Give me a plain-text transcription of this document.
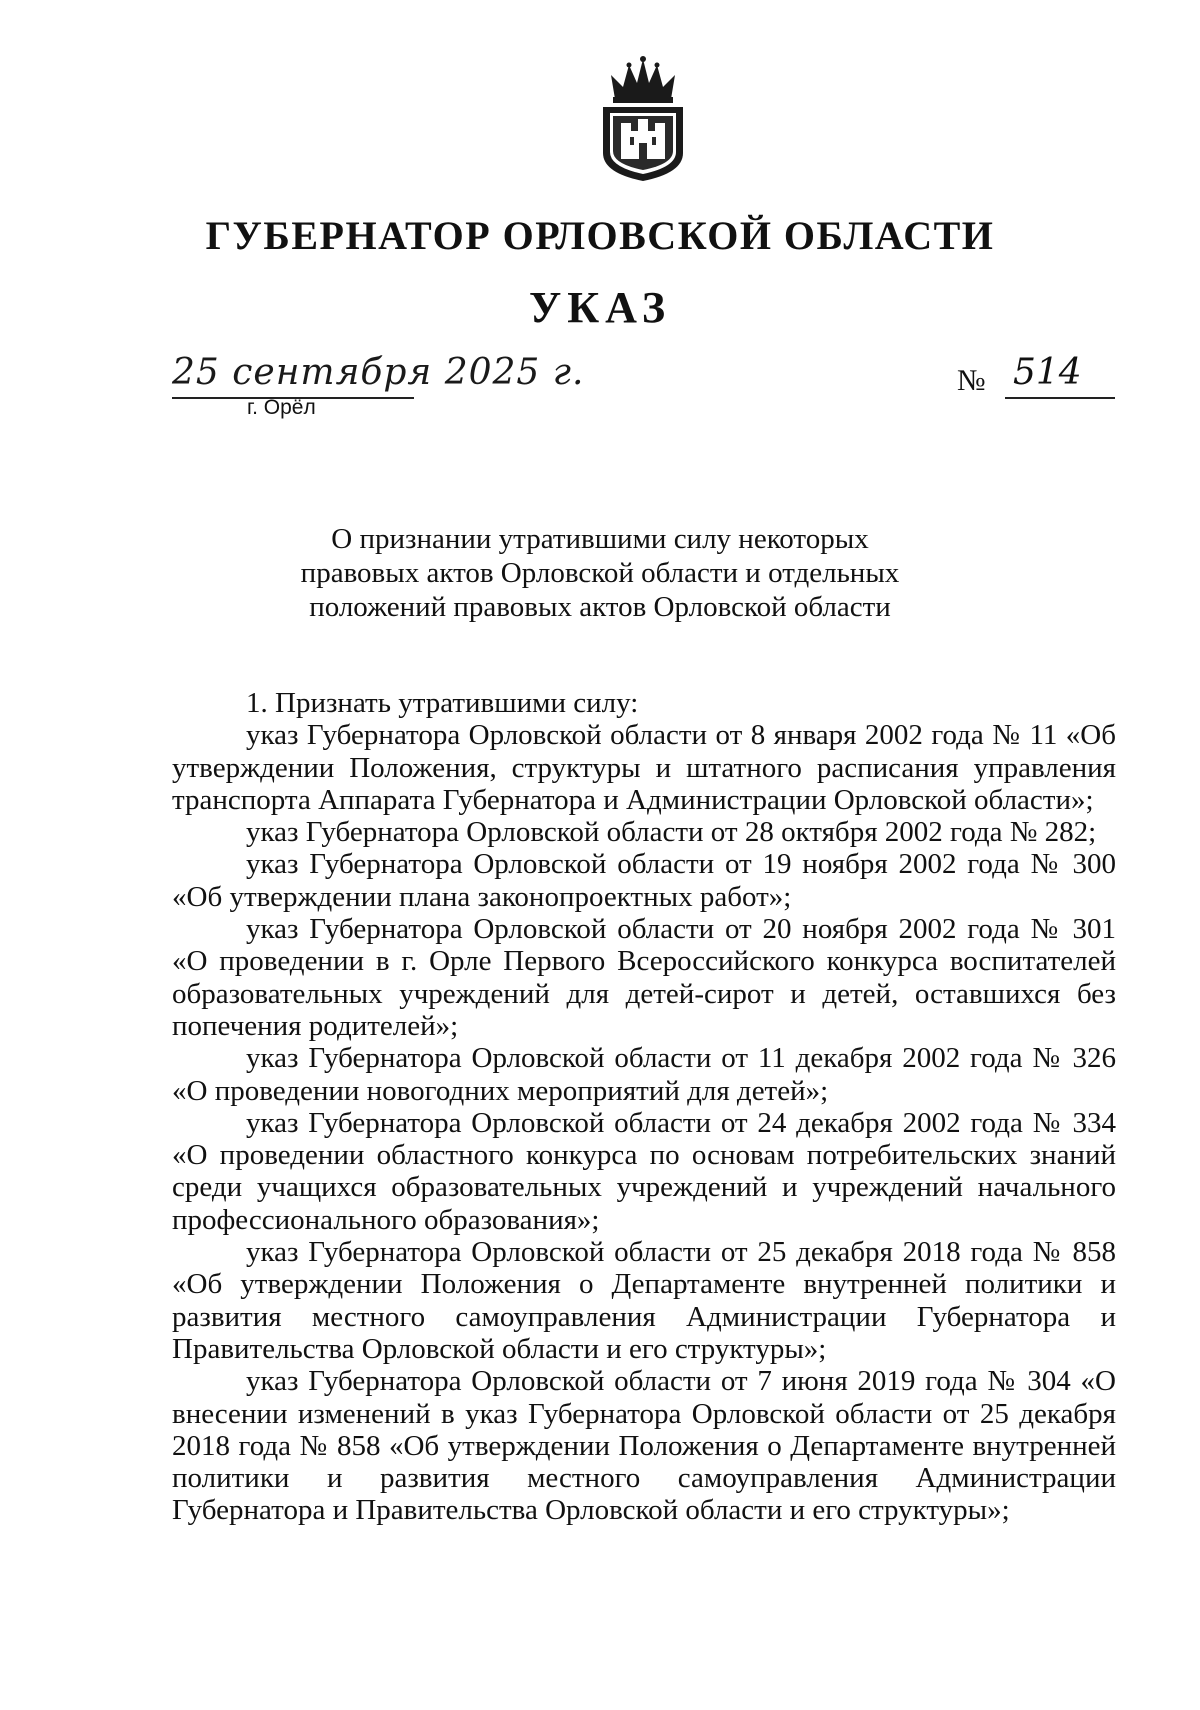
ГУБЕРНАТОР ОРЛОВСКОЙ ОБЛАСТИ
УКАЗ
25 сентября 2025 г.
г. Орёл
№ 514
О признании утратившими силу некоторых
правовых актов Орловской области и отдельных
положений правовых актов Орловской области

1. Признать утратившими силу:

указ Губернатора Орловской области от 8 января 2002 года № 11 «Об утверждении Положения, структуры и штатного расписания управления транспорта Аппарата Губернатора и Администрации Орловской области»;

указ Губернатора Орловской области от 28 октября 2002 года № 282;

указ Губернатора Орловской области от 19 ноября 2002 года № 300 «Об утверждении плана законопроектных работ»;

указ Губернатора Орловской области от 20 ноября 2002 года № 301 «О проведении в г. Орле Первого Всероссийского конкурса воспитателей образовательных учреждений для детей-сирот и детей, оставшихся без попечения родителей»;

указ Губернатора Орловской области от 11 декабря 2002 года № 326 «О проведении новогодних мероприятий для детей»;

указ Губернатора Орловской области от 24 декабря 2002 года № 334 «О проведении областного конкурса по основам потребительских знаний среди учащихся образовательных учреждений и учреждений начального профессионального образования»;

указ Губернатора Орловской области от 25 декабря 2018 года № 858 «Об утверждении Положения о Департаменте внутренней политики и развития местного самоуправления Администрации Губернатора и Правительства Орловской области и его структуры»;

указ Губернатора Орловской области от 7 июня 2019 года № 304 «О внесении изменений в указ Губернатора Орловской области от 25 декабря 2018 года № 858 «Об утверждении Положения о Департаменте внутренней политики и развития местного самоуправления Администрации Губернатора и Правительства Орловской области и его структуры»;
